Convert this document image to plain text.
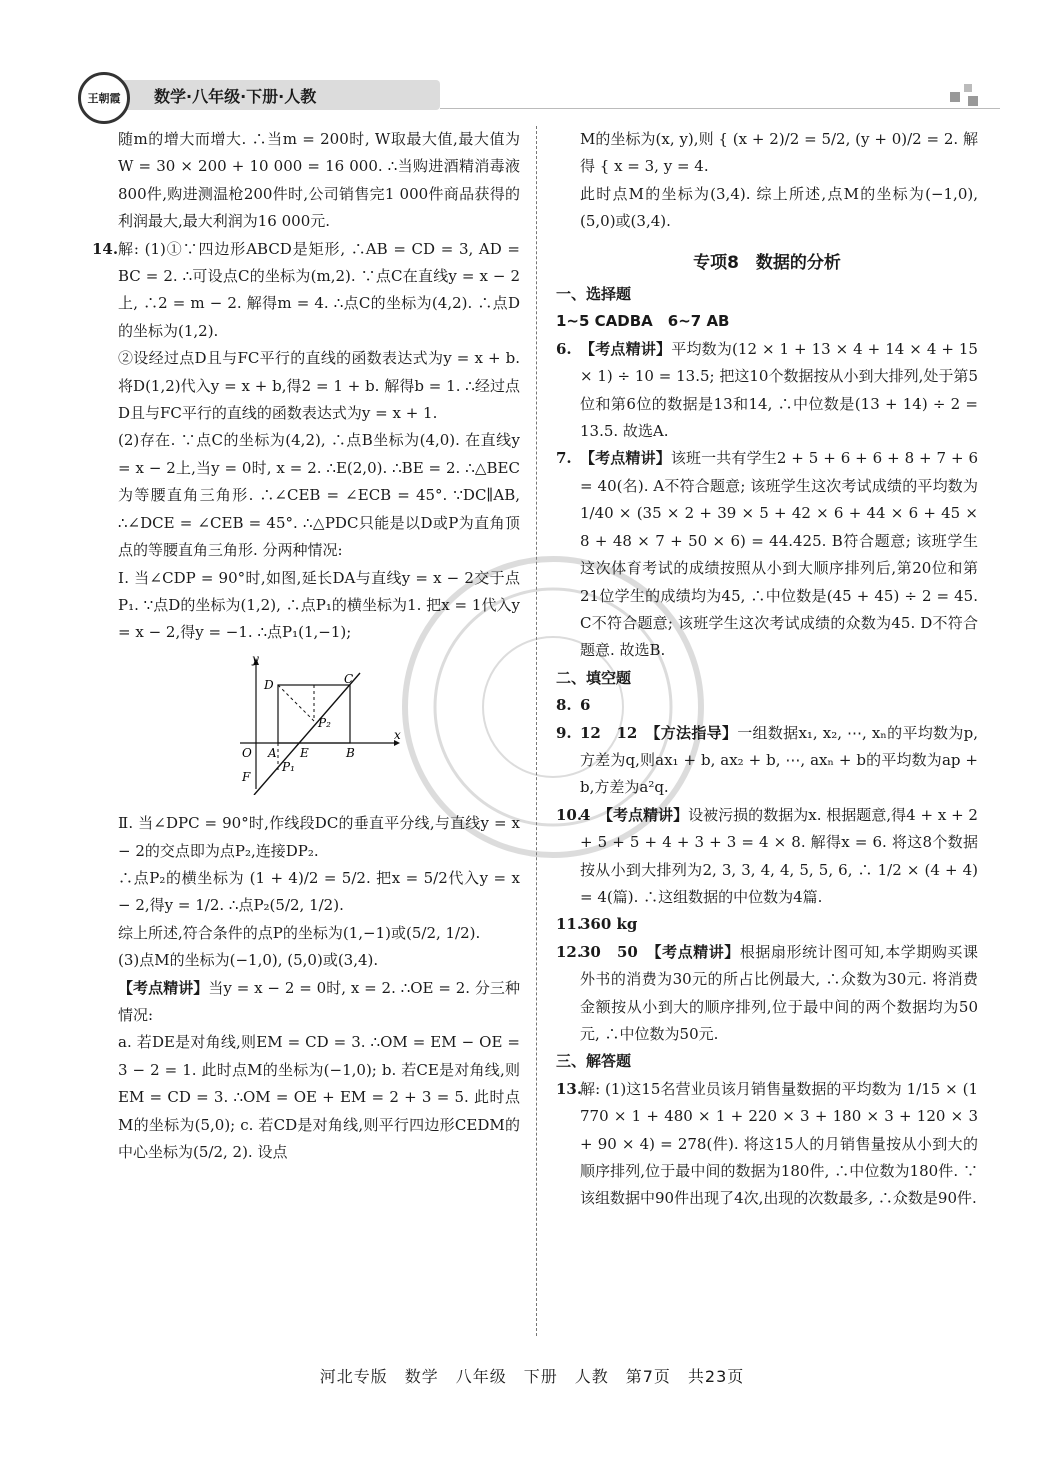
数学·八年级·下册·人教
王朝霞

随m的增大而增大. ∴当m = 200时, W取最大值,最大值为W = 30 × 200 + 10 000 = 16 000. ∴当购进酒精消毒液800件,购进测温枪200件时,公司销售完1 000件商品获得的利润最大,最大利润为16 000元.

14. 解: (1)①∵四边形ABCD是矩形, ∴AB = CD = 3, AD = BC = 2. ∴可设点C的坐标为(m,2). ∵点C在直线y = x − 2上, ∴2 = m − 2. 解得m = 4. ∴点C的坐标为(4,2). ∴点D的坐标为(1,2).

②设经过点D且与FC平行的直线的函数表达式为y = x + b. 将D(1,2)代入y = x + b,得2 = 1 + b. 解得b = 1. ∴经过点D且与FC平行的直线的函数表达式为y = x + 1.

(2)存在. ∵点C的坐标为(4,2), ∴点B坐标为(4,0). 在直线y = x − 2上,当y = 0时, x = 2. ∴E(2,0). ∴BE = 2. ∴△BEC为等腰直角三角形. ∴∠CEB = ∠ECB = 45°. ∵DC∥AB, ∴∠DCE = ∠CEB = 45°. ∴△PDC只能是以D或P为直角顶点的等腰直角三角形. 分两种情况:

Ⅰ. 当∠CDP = 90°时,如图,延长DA与直线y = x − 2交于点P₁. ∵点D的坐标为(1,2), ∴点P₁的横坐标为1. 把x = 1代入y = x − 2,得y = −1. ∴点P₁(1,−1);

y
x
O A E	B
C
D
F
P₁
P₂

Ⅱ. 当∠DPC = 90°时,作线段DC的垂直平分线,与直线y = x − 2的交点即为点P₂,连接DP₂.

∴点P₂的横坐标为 (1 + 4)/2 = 5/2. 把x = 5/2代入y = x − 2,得y = 1/2. ∴点P₂(5/2, 1/2).

综上所述,符合条件的点P的坐标为(1,−1)或(5/2, 1/2).

(3)点M的坐标为(−1,0), (5,0)或(3,4).

【考点精讲】当y = x − 2 = 0时, x = 2. ∴OE = 2. 分三种情况:

a. 若DE是对角线,则EM = CD = 3. ∴OM = EM − OE = 3 − 2 = 1. 此时点M的坐标为(−1,0); b. 若CE是对角线,则EM = CD = 3. ∴OM = OE + EM = 2 + 3 = 5. 此时点M的坐标为(5,0); c. 若CD是对角线,则平行四边形CEDM的中心坐标为(5/2, 2). 设点

M的坐标为(x, y),则 { (x + 2)/2 = 5/2, (y + 0)/2 = 2. 解得 { x = 3, y = 4.

此时点M的坐标为(3,4). 综上所述,点M的坐标为(−1,0), (5,0)或(3,4).

专项8　数据的分析
一、选择题
1~5 CADBA　6~7 AB

6. 【考点精讲】平均数为(12 × 1 + 13 × 4 + 14 × 4 + 15 × 1) ÷ 10 = 13.5; 把这10个数据按从小到大排列,处于第5位和第6位的数据是13和14, ∴中位数是(13 + 14) ÷ 2 = 13.5. 故选A.

7. 【考点精讲】该班一共有学生2 + 5 + 6 + 6 + 8 + 7 + 6 = 40(名). A不符合题意; 该班学生这次考试成绩的平均数为 1/40 × (35 × 2 + 39 × 5 + 42 × 6 + 44 × 6 + 45 × 8 + 48 × 7 + 50 × 6) = 44.425. B符合题意; 该班学生这次体育考试的成绩按照从小到大顺序排列后,第20位和第21位学生的成绩均为45, ∴中位数是(45 + 45) ÷ 2 = 45. C不符合题意; 该班学生这次考试成绩的众数为45. D不符合题意. 故选B.

二、填空题

8. 6

9. 12　12　【方法指导】一组数据x₁, x₂, ⋯, xₙ的平均数为p,方差为q,则ax₁ + b, ax₂ + b, ⋯, axₙ + b的平均数为ap + b,方差为a²q.

10.
4　【考点精讲】设被污损的数据为x. 根据题意,得4 + x + 2 + 5 + 5 + 4 + 3 + 3 = 4 × 8. 解得x = 6. 将这8个数据按从小到大排列为2, 3, 3, 4, 4, 5, 5, 6, ∴ 1/2 × (4 + 4) = 4(篇). ∴这组数据的中位数为4篇.

11.
360 kg

12.
30　50　【考点精讲】根据扇形统计图可知,本学期购买课外书的消费为30元的所占比例最大, ∴众数为30元. 将消费金额按从小到大的顺序排列,位于最中间的两个数据均为50元, ∴中位数为50元.

三、解答题

13.
解: (1)这15名营业员该月销售量数据的平均数为 1/15 × (1 770 × 1 + 480 × 1 + 220 × 3 + 180 × 3 + 120 × 3 + 90 × 4) = 278(件). 将这15人的月销售量按从小到大的顺序排列,位于最中间的数据为180件, ∴中位数为180件. ∵该组数据中90件出现了4次,出现的次数最多, ∴众数是90件.

河北专版　数学　八年级　下册　人教　第7页　共23页
